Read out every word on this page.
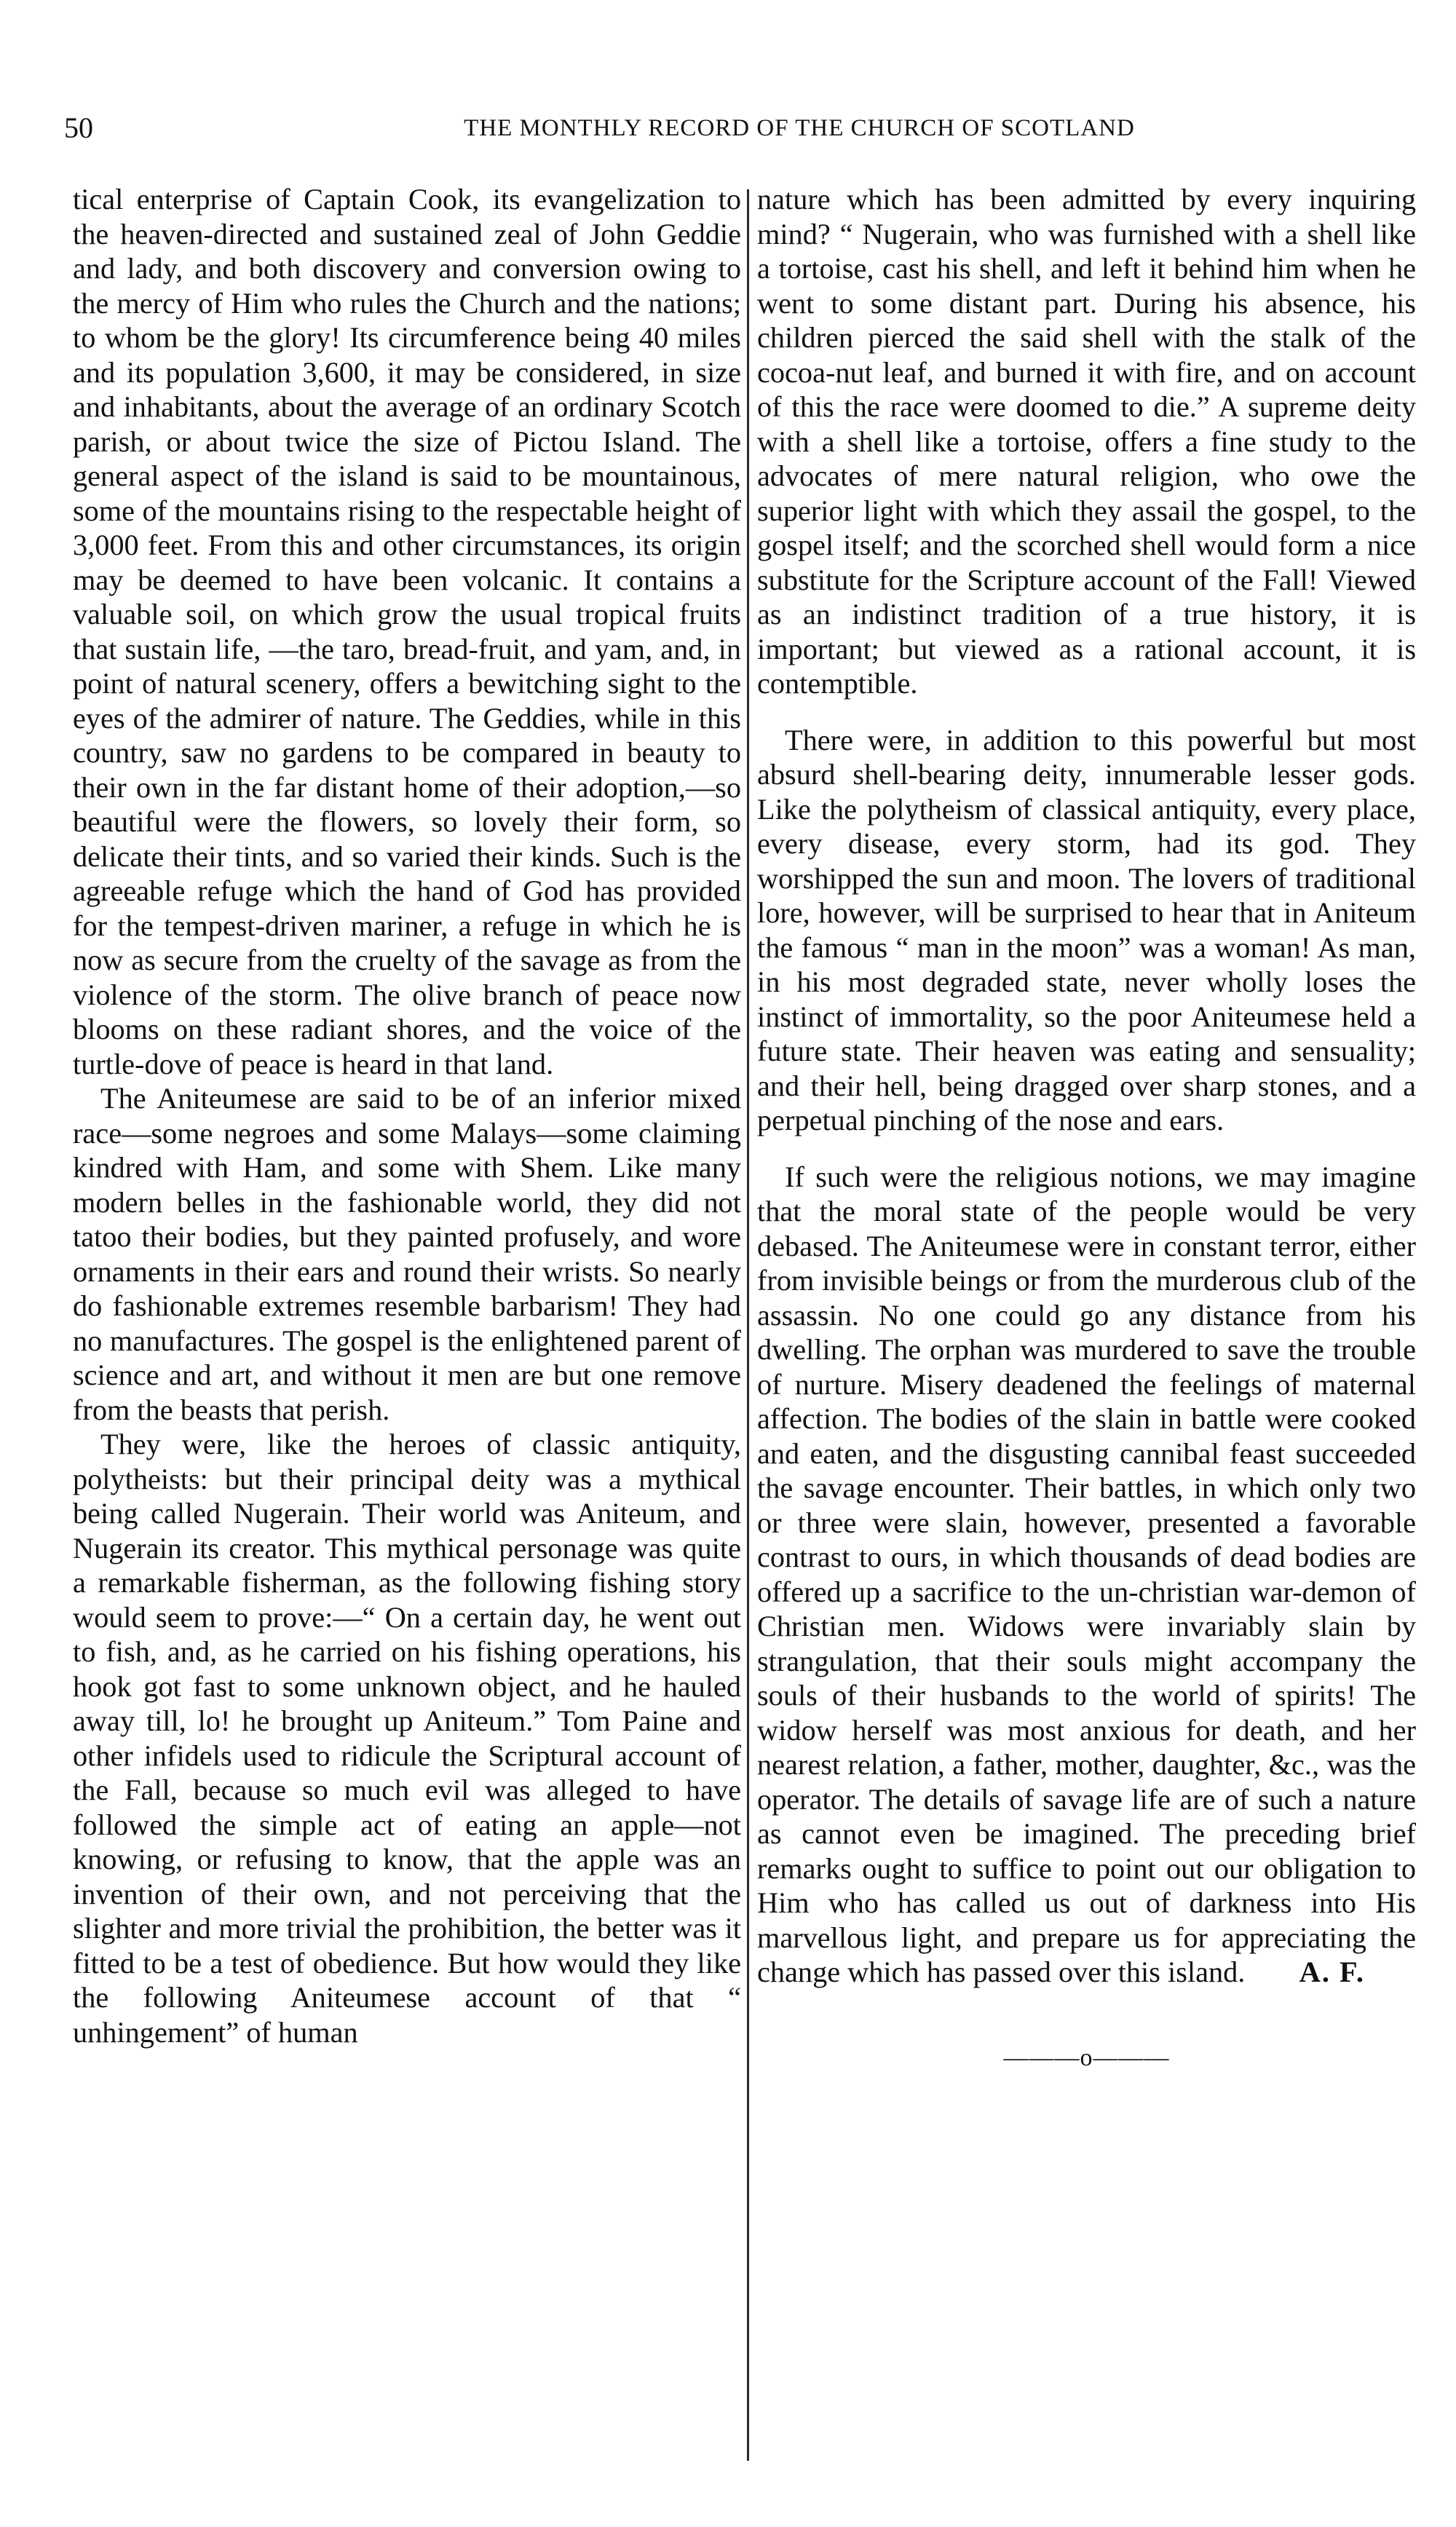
50	THE MONTHLY RECORD OF THE CHURCH OF SCOTLAND

tical enterprise of Captain Cook, its evangelization to the heaven-directed and sustained zeal of John Geddie and lady, and both discovery and conversion owing to the mercy of Him who rules the Church and the nations; to whom be the glory! Its circumference being 40 miles and its population 3,600, it may be considered, in size and inhabitants, about the average of an ordinary Scotch parish, or about twice the size of Pictou Island. The general aspect of the island is said to be mountainous, some of the mountains rising to the respectable height of 3,000 feet. From this and other circumstances, its origin may be deemed to have been volcanic. It contains a valuable soil, on which grow the usual tropical fruits that sustain life, —the taro, bread-fruit, and yam, and, in point of natural scenery, offers a bewitching sight to the eyes of the admirer of nature. The Geddies, while in this country, saw no gardens to be compared in beauty to their own in the far distant home of their adoption,—so beautiful were the flowers, so lovely their form, so delicate their tints, and so varied their kinds. Such is the agreeable refuge which the hand of God has provided for the tempest-driven mariner, a refuge in which he is now as secure from the cruelty of the savage as from the violence of the storm. The olive branch of peace now blooms on these radiant shores, and the voice of the turtle-dove of peace is heard in that land.

The Aniteumese are said to be of an inferior mixed race—some negroes and some Malays—some claiming kindred with Ham, and some with Shem. Like many modern belles in the fashionable world, they did not tatoo their bodies, but they painted profusely, and wore ornaments in their ears and round their wrists. So nearly do fashionable extremes resemble barbarism! They had no manufactures. The gospel is the enlightened parent of science and art, and without it men are but one remove from the beasts that perish.

They were, like the heroes of classic antiquity, polytheists: but their principal deity was a mythical being called Nugerain. Their world was Aniteum, and Nugerain its creator. This mythical personage was quite a remarkable fisherman, as the following fishing story would seem to prove:—“ On a certain day, he went out to fish, and, as he carried on his fishing operations, his hook got fast to some unknown object, and he hauled away till, lo! he brought up Aniteum.” Tom Paine and other infidels used to ridicule the Scriptural account of the Fall, because so much evil was alleged to have followed the simple act of eating an apple—not knowing, or refusing to know, that the apple was an invention of their own, and not perceiving that the slighter and more trivial the prohibition, the better was it fitted to be a test of obedience. But how would they like the following Aniteumese account of that “ unhingement” of human

nature which has been admitted by every inquiring mind? “ Nugerain, who was furnished with a shell like a tortoise, cast his shell, and left it behind him when he went to some distant part. During his absence, his children pierced the said shell with the stalk of the cocoa-nut leaf, and burned it with fire, and on account of this the race were doomed to die.” A supreme deity with a shell like a tortoise, offers a fine study to the advocates of mere natural religion, who owe the superior light with which they assail the gospel, to the gospel itself; and the scorched shell would form a nice substitute for the Scripture account of the Fall! Viewed as an indistinct tradition of a true history, it is important; but viewed as a rational account, it is contemptible.

There were, in addition to this powerful but most absurd shell-bearing deity, innumerable lesser gods. Like the polytheism of classical antiquity, every place, every disease, every storm, had its god. They worshipped the sun and moon. The lovers of traditional lore, however, will be surprised to hear that in Aniteum the famous “ man in the moon” was a woman! As man, in his most degraded state, never wholly loses the instinct of immortality, so the poor Aniteumese held a future state. Their heaven was eating and sensuality; and their hell, being dragged over sharp stones, and a perpetual pinching of the nose and ears.

If such were the religious notions, we may imagine that the moral state of the people would be very debased. The Aniteumese were in constant terror, either from invisible beings or from the murderous club of the assassin. No one could go any distance from his dwelling. The orphan was murdered to save the trouble of nurture. Misery deadened the feelings of maternal affection. The bodies of the slain in battle were cooked and eaten, and the disgusting cannibal feast succeeded the savage encounter. Their battles, in which only two or three were slain, however, presented a favorable contrast to ours, in which thousands of dead bodies are offered up a sacrifice to the un-christian war-demon of Christian men. Widows were invariably slain by strangulation, that their souls might accompany the souls of their husbands to the world of spirits! The widow herself was most anxious for death, and her nearest relation, a father, mother, daughter, &c., was the operator. The details of savage life are of such a nature as cannot even be imagined. The preceding brief remarks ought to suffice to point out our obligation to Him who has called us out of darkness into His marvellous light, and prepare us for appreciating the change which has passed over this island.	A. F.
———o———
